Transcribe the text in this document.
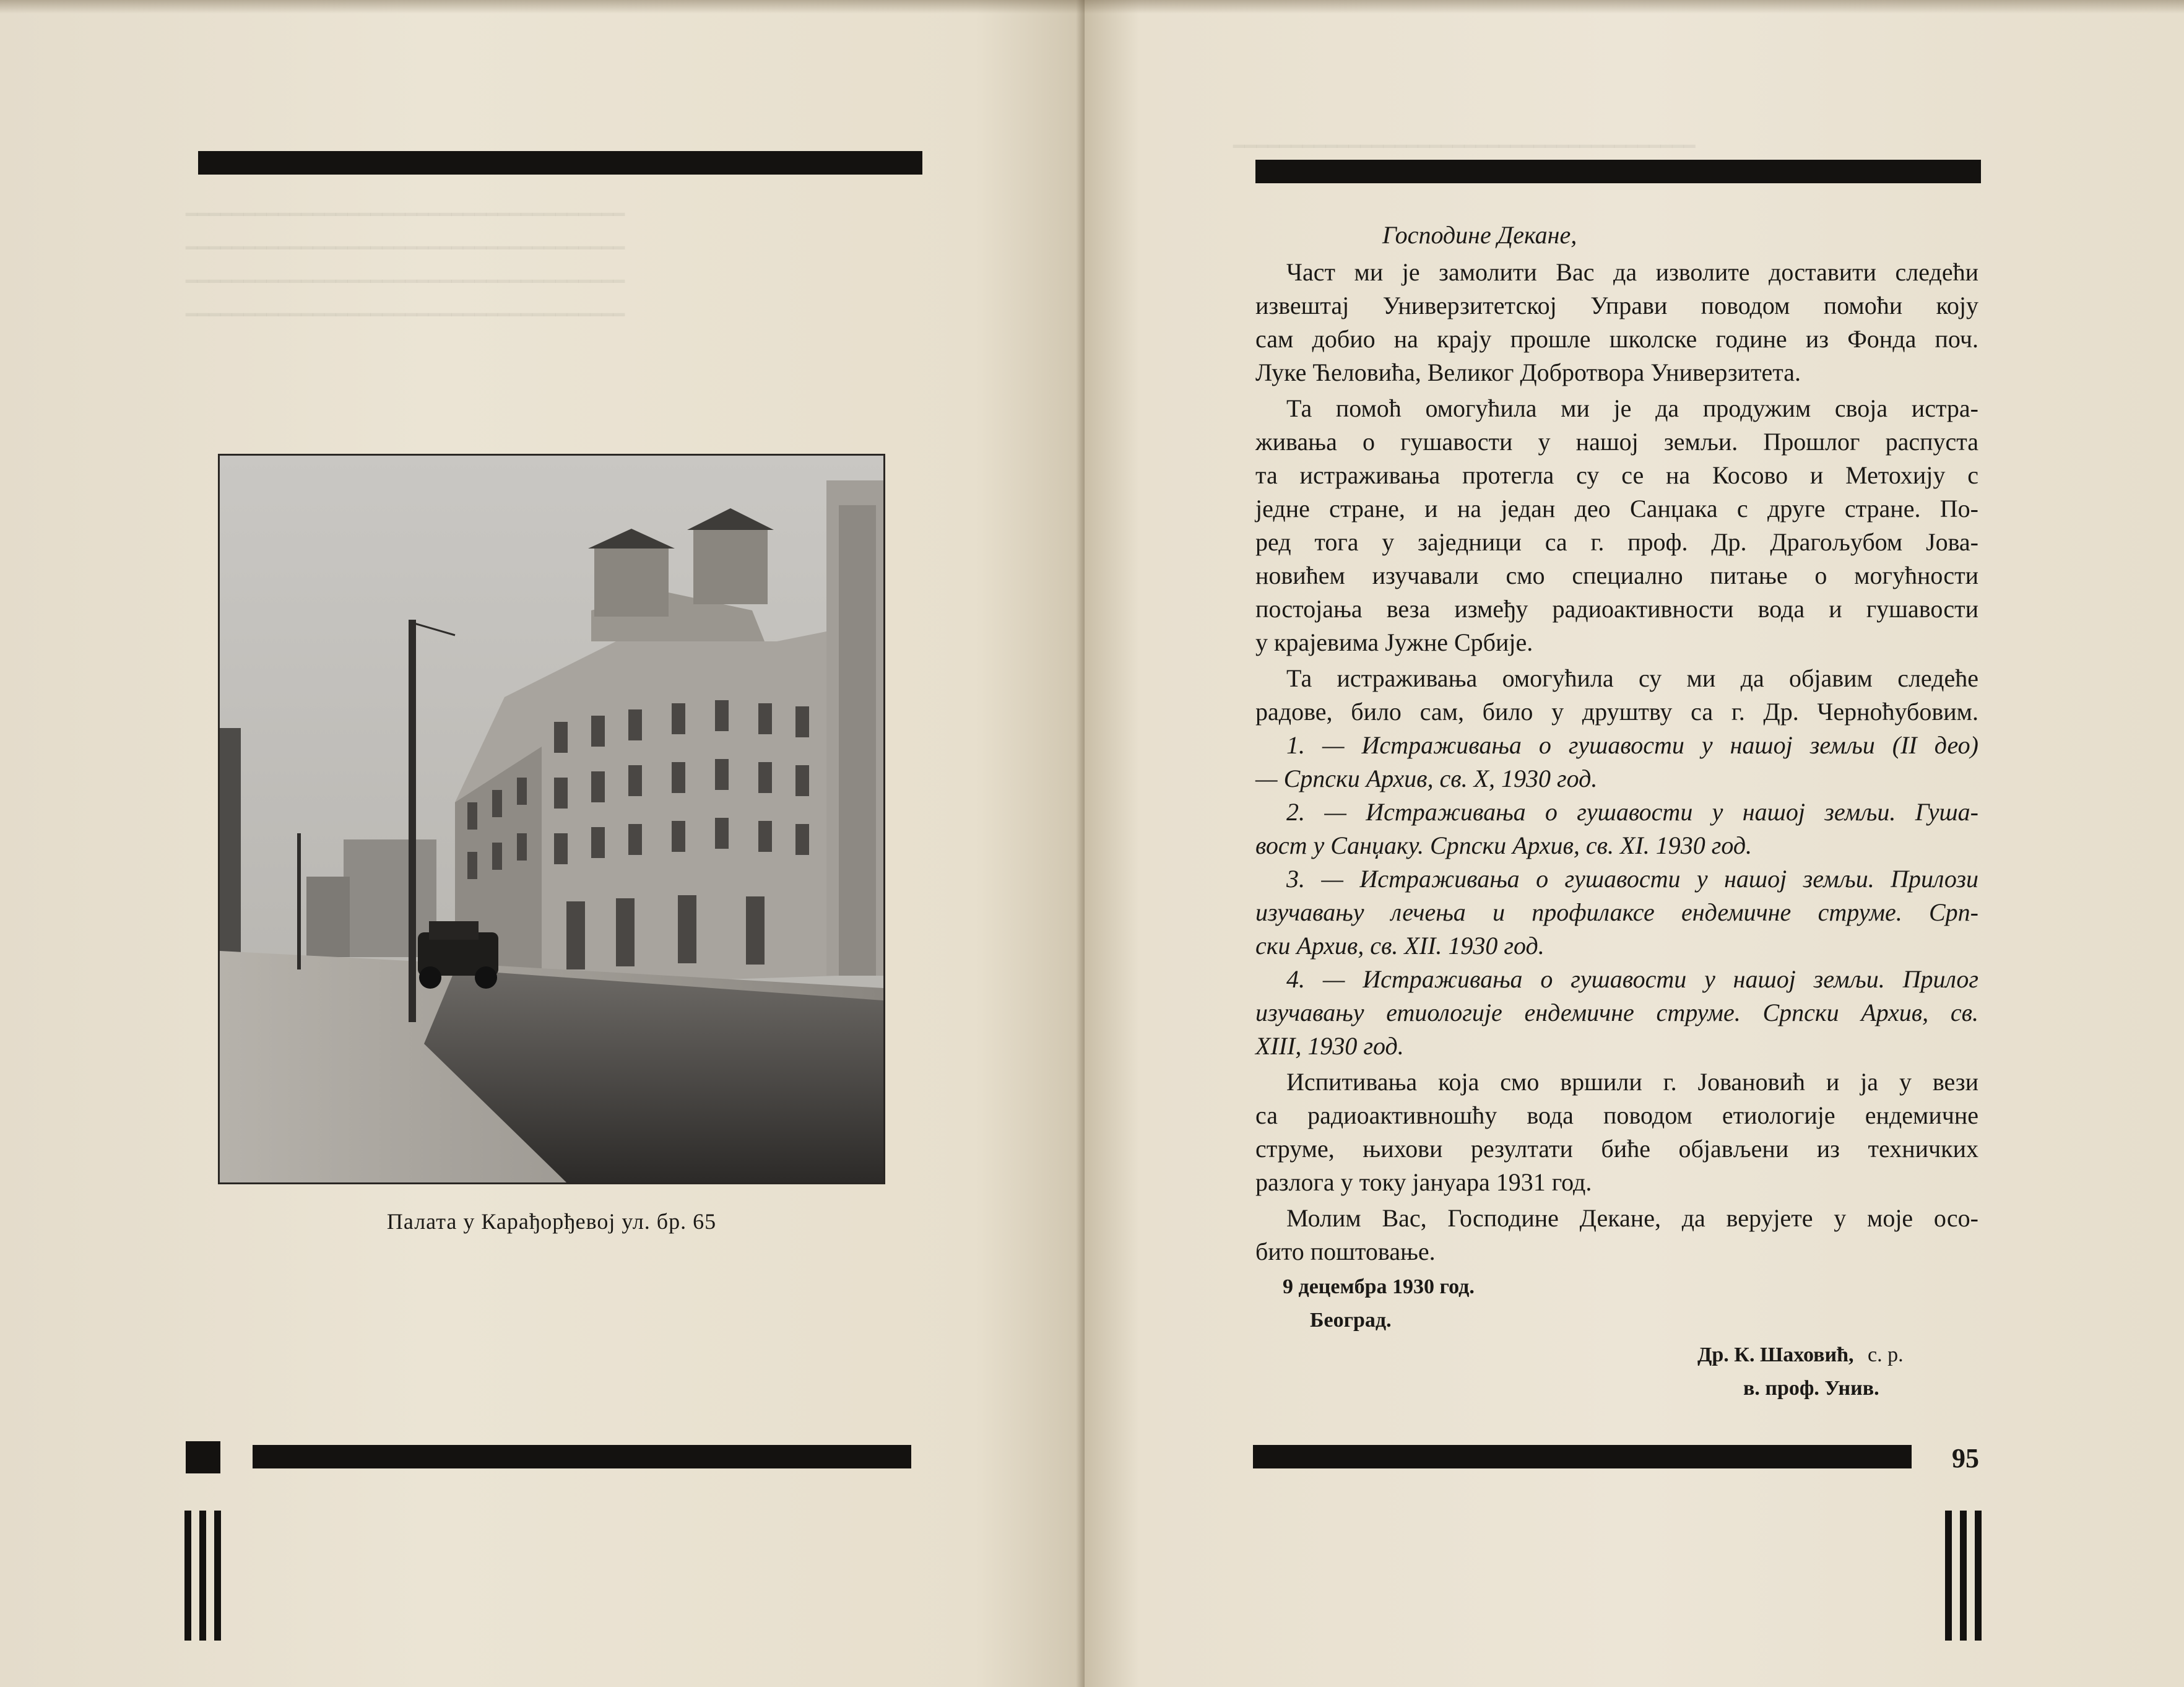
━━━━━━━━━━━━━━━━━━━━━━━━━━━━━━━━━━━━━━
━━━━━━━━━━━━━━━━━━━━━━━━━━━━━━━━━━━━━━
━━━━━━━━━━━━━━━━━━━━━━━━━━━━━━━━━━━━━━
━━━━━━━━━━━━━━━━━━━━━━━━━━━━━━━━━━━━━━
Палата у Карађорђевој ул. бр. 65
━━━━━━━━━━━━━━━━━━━━━━━━━━━━━━━━━━━━━━━━
Господине Декане,
Част ми је замолити Вас да изволите доставити следећи
извештај Универзитетској Управи поводом помоћи коју
сам добио на крају прошле школске године из Фонда поч.
Луке Ћеловића, Великог Добротвора Универзитета.
Та помоћ омогућила ми је да продужим своја истра-
живања о гушавости у нашој земљи. Прошлог распуста
та истраживања протегла су се на Косово и Метохију с
једне стране, и на један део Санџака с друге стране. По-
ред тога у заједници са г. проф. Др. Драгољубом Јова-
новићем изучавали смо специално питање о могућности
постојања веза између радиоактивности вода и гушавости
у крајевима Јужне Србије.
Та истраживања омогућила су ми да објавим следеће
радове, било сам, било у друштву са г. Др. Черноћубовим.
1. — Истраживања о гушавости у нашој земљи (II део)
— Српски Архив, св. X, 1930 год.
2. — Истраживања о гушавости у нашој земљи. Гуша-
вост у Санџаку. Српски Архив, св. XI. 1930 год.
3. — Истраживања о гушавости у нашој земљи. Прилози
изучавању лечења и профилаксе ендемичне струме. Срп-
ски Архив, св. XII. 1930 год.
4. — Истраживања о гушавости у нашој земљи. Прилог
изучавању етиологије ендемичне струме. Српски Архив, св.
XIII, 1930 год.
Испитивања која смо вршили г. Јовановић и ја у вези
са радиоактивношћу вода поводом етиологије ендемичне
струме, њихови резултати биће објављени из техничких
разлога у току јануара 1931 год.
Молим Вас, Господине Декане, да верујете у моје осо-
бито поштовање.
9 децембра 1930 год.
Београд.
Др. К. Шаховић, с. р.
в. проф. Унив.
95
